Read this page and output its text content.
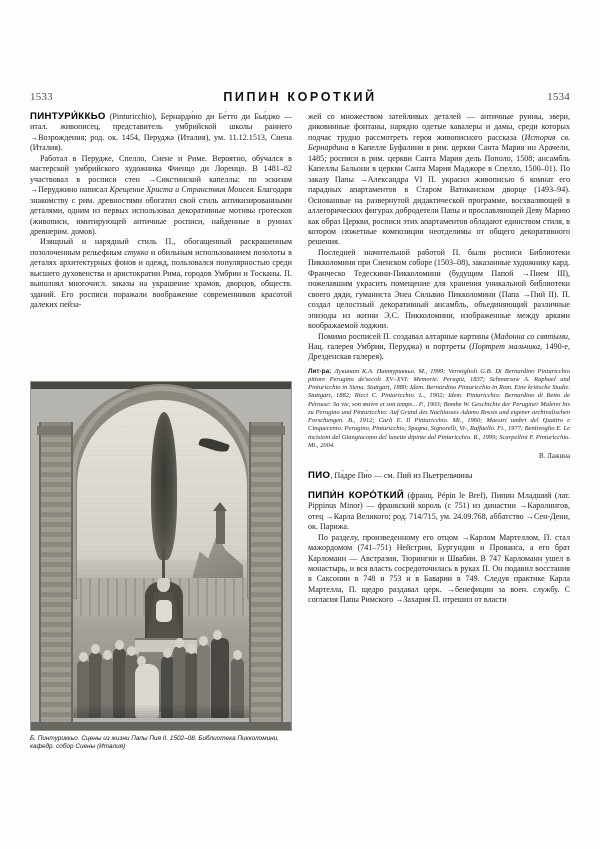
1533	ПИПИН КОРОТКИЙ	1534

ПИНТУРИ́ККЬО (Pinturicchio), Бернарди́но ди Бе́тто ди Бья́джо — итал. живописец, представитель умбрийской школы раннего →Возрождения; род. ок. 1454, Перуджа (Италия), ум. 11.12.1513, Сиена (Италия).

Работал в Перудже, Спелло, Сиене и Риме. Вероятно, обучался в мастерской умбрийского художника Фиенцо ди Лоренцо. В 1481–82 участвовал в росписи стен →Сикстинской капеллы: по эскизам →Перуджино написал Крещение Христа и Странствия Моисея. Благодаря знакомству с рим. древностями обогатил свой стиль антикизированными деталями, одним из первых использовал декоративные мотивы гротесков (живописи, имитирующей античные росписи, найденные в руинах древнерим. домов).

Изящный и нарядный стиль П., обогащенный раскрашенным позолоченным рельефным стукко и обильным использованием позолоты в деталях архитектурных фонов и одежд, пользовался популярностью среди высшего духовенства и аристократии Рима, городов Умбрии и Тосканы. П. выполнял многочисл. заказы на украшение храмов, дворцов, обществ. зданий. Его росписи поражали воображение современников красотой далеких пейза-

Б. Пинтуриккьо. Сцены из жизни Папы Пия II. 1502–08. Библиотека Пикколомини, кафедр. собор Сиены (Италия)

жей со множеством затейливых деталей — античные руины, звери, диковинные фонтаны, нарядно одетые кавалеры и дамы, среди которых подчас трудно рассмотреть героя живописного рассказа (История св. Бернардина в Капелле Буфалини в рим. церкви Санта Мария ин Арачели, 1485; росписи в рим. церкви Санта Мария дель Пополо, 1508; ансамбль Капеллы Бальони в церкви Санта Мария Маджоре в Спелло, 1500–01). По заказу Папы →Александра VI П. украсил живописью 6 комнат его парадных апартаментов в Старом Ватиканском дворце (1493–94). Основанные на развернутой дидактической программе, восхваляющей в аллегорических фигурах добродетели Папы и прославляющей Деву Марию как образ Церкви, росписи этих апартаментов обладают единством стиля, в котором сюжетные композиции неотделимы от общего декоративного решения.

Последней значительной работой П. были росписи Библиотеки Пикколомини при Сиенском соборе (1503–08), заказанные художнику кард. Франческо Тедескини-Пикколомини (будущим Папой →Пием III), пожелавшим украсить помещение для хранения уникальной библиотеки своего дяди, гуманиста Энеа Сильвио Пикколомини (Папа →Пий II). П. создал целостный декоративный ансамбль, объединяющий различные эпизоды из жизни Э.С. Пикколомини, изображенные между арками воображаемой лоджии.

Помимо росписей П. создавал алтарные картины (Мадонна со святыми, Нац. галерея Умбрии, Перуджа) и портреты (Портрет мальчика, 1490-е, Дрезденская галерея).

Лит-ра: Лукинат К.А. Пинтуриккьо. М., 1999; Vermiglioli G.B. Di Bernardino Pinturicchio pittore Perugino de'secoli XV–XVI: Memorie. Perugia, 1837; Schmarsow A. Raphael und Pinturicchio in Siena. Stuttgart, 1880; Idem. Bernardino Pinturicchio in Rom. Eine kritische Studie. Stuttgart, 1882; Ricci C. Pinturicchio. L., 1902; Idem. Pinturicchio: Bernardino di Betto de Pérouse: Sa vie, son œuvre et son temps... P., 1903; Bombe W. Geschichte der Peruginer Malerei bis zu Perugino und Pinturicchio: Auf Grund des Nachlasses Adamo Rossis und eigener archivalischen Forschungen. B., 1912; Carli E. Il Pinturicchio. Mi., 1960; Maestri umbri del Quattro e Cinquecento: Perugino, Pinturicchio, Spagna, Signorelli, Vi-, Raffaello. Fi., 1977; Bentivoglio E. Le incisioni del Giangiacomo del lunette dipinte dal Pinturicchio. R., 1999; Scarpellini P. Pinturicchio. Mi., 2004.

В. Лажина

ПИО, Па́дре Пи́о — см. Пий из Пьетрельчины

ПИПИ́Н КОРО́ТКИЙ (франц. Pépin le Bref), Пипин Младший (лат. Pippinus Minor) — франкский король (с 751) из династии →Каролингов, отец →Карла Великого; род. 714/715, ум. 24.09.768, аббатство →Сен-Дени, ок. Парижа.

По разделу, произведенному его отцом →Карлом Мартеллом, П. стал мажордомом (741–751) Нейстрии, Бургундии и Прованса, а его брат Карломанн — Австразии, Тюрингии и Швабии. В 747 Карломанн ушел в монастырь, и вся власть сосредоточилась в руках П. Он подавил восстания в Саксонии в 748 и 753 и в Баварии в 749. Следуя практике Карла Мартелла, П. щедро раздавал церк. →бенефиции за воен. службу. С согласия Папы Римского →Захария П. отрешил от власти
